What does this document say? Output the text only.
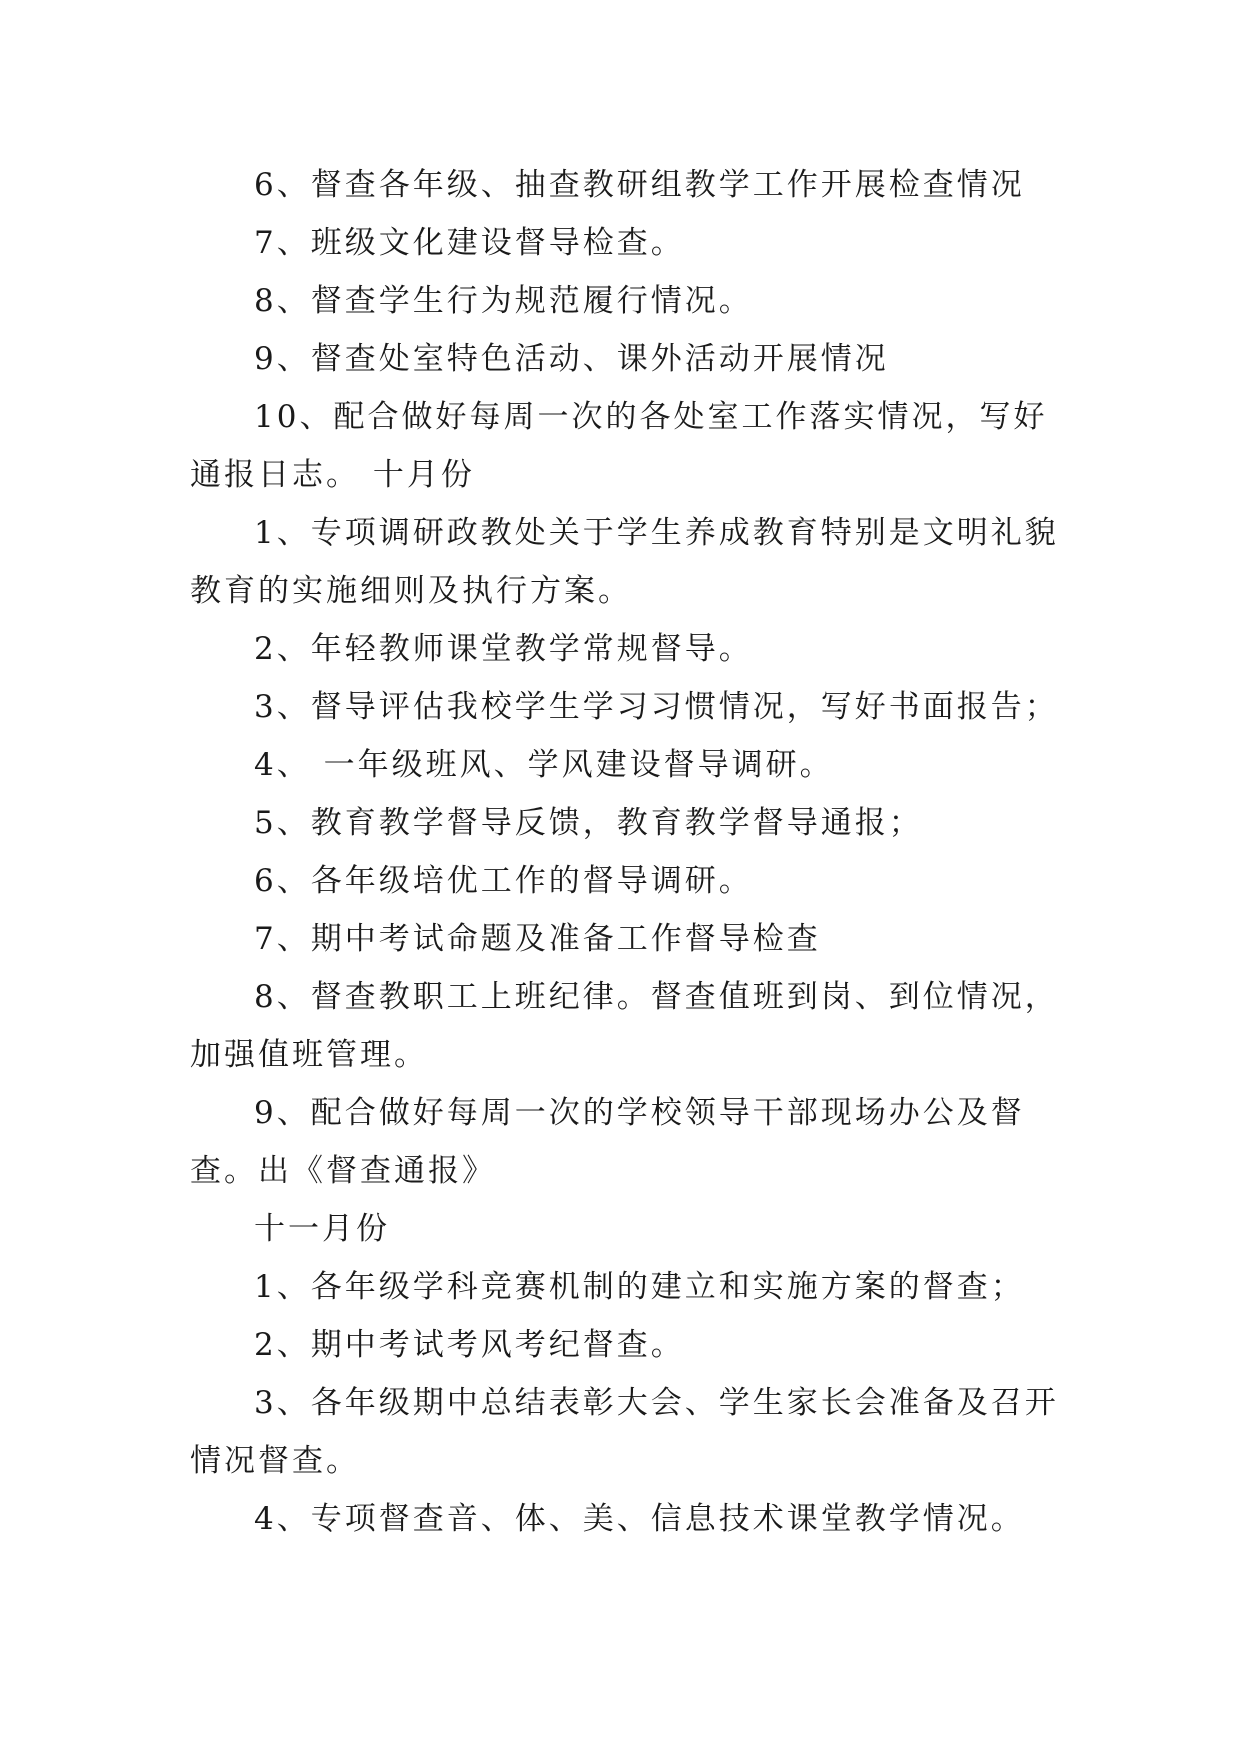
6、督查各年级、抽查教研组教学工作开展检查情况

7、班级文化建设督导检查。

8、督查学生行为规范履行情况。

9、督查处室特色活动、课外活动开展情况

10、配合做好每周一次的各处室工作落实情况，写好通报日志。 十月份

1、专项调研政教处关于学生养成教育特别是文明礼貌教育的实施细则及执行方案。

2、年轻教师课堂教学常规督导。

3、督导评估我校学生学习习惯情况，写好书面报告；

4、 一年级班风、学风建设督导调研。

5、教育教学督导反馈，教育教学督导通报；

6、各年级培优工作的督导调研。

7、期中考试命题及准备工作督导检查

8、督查教职工上班纪律。督查值班到岗、到位情况，加强值班管理。

9、配合做好每周一次的学校领导干部现场办公及督查。出《督查通报》

十一月份

1、各年级学科竞赛机制的建立和实施方案的督查；

2、期中考试考风考纪督查。

3、各年级期中总结表彰大会、学生家长会准备及召开情况督查。

4、专项督查音、体、美、信息技术课堂教学情况。
